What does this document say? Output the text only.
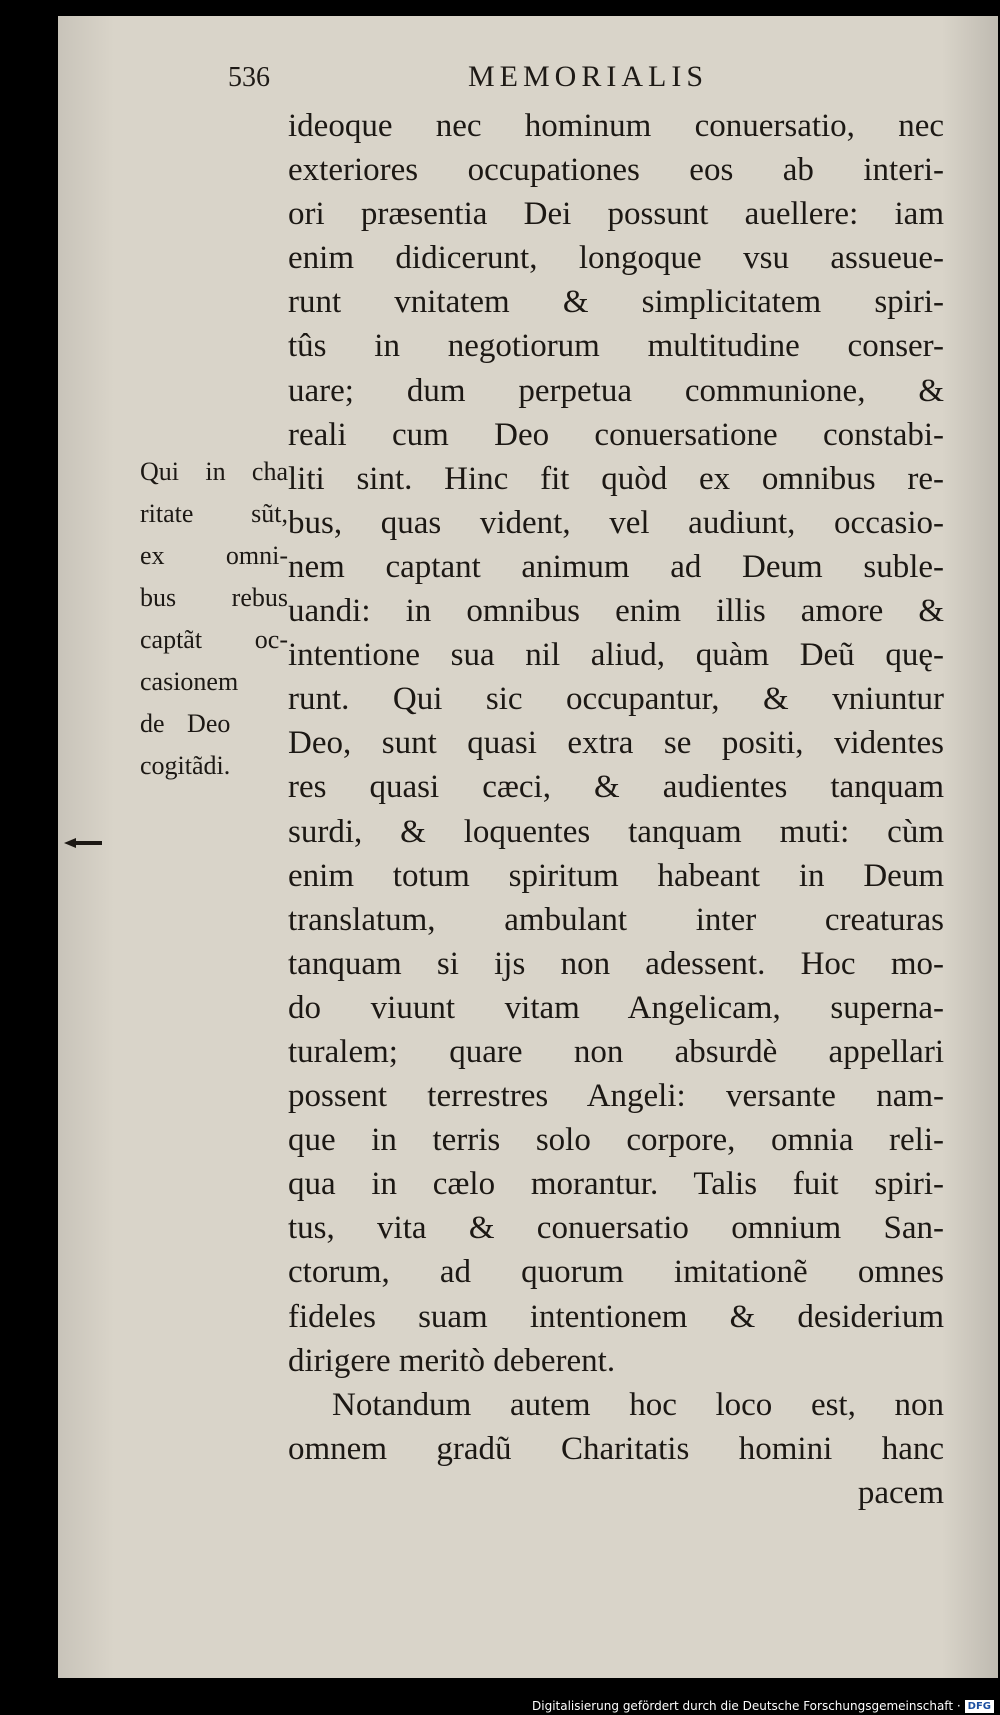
536	MEMORIALIS
Qui in cha
ritate sũt,
ex omni-
bus rebus
captãt oc-
casionem
de Deo
cogitãdi.
ideoque nec hominum conuersatio, nec
exteriores occupationes eos ab interi-
ori præsentia Dei possunt auellere: iam
enim didicerunt, longoque vsu assueue-
runt vnitatem & simplicitatem spiri-
tûs in negotiorum multitudine conser-
uare; dum perpetua communione, &
reali cum Deo conuersatione constabi-
liti sint. Hinc fit quòd ex omnibus re-
bus, quas vident, vel audiunt, occasio-
nem captant animum ad Deum suble-
uandi: in omnibus enim illis amore &
intentione sua nil aliud, quàm Deũ quę-
runt. Qui sic occupantur, & vniuntur
Deo, sunt quasi extra se positi, videntes
res quasi cæci, & audientes tanquam
surdi, & loquentes tanquam muti: cùm
enim totum spiritum habeant in Deum
translatum, ambulant inter creaturas
tanquam si ijs non adessent. Hoc mo-
do viuunt vitam Angelicam, superna-
turalem; quare non absurdè appellari
possent terrestres Angeli: versante nam-
que in terris solo corpore, omnia reli-
qua in cælo morantur. Talis fuit spiri-
tus, vita & conuersatio omnium San-
ctorum, ad quorum imitationẽ omnes
fideles suam intentionem & desiderium
dirigere meritò deberent.
Notandum autem hoc loco est, non
omnem gradũ Charitatis homini hanc
pacem
Digitalisierung gefördert durch die Deutsche Forschungsgemeinschaft · DFG
